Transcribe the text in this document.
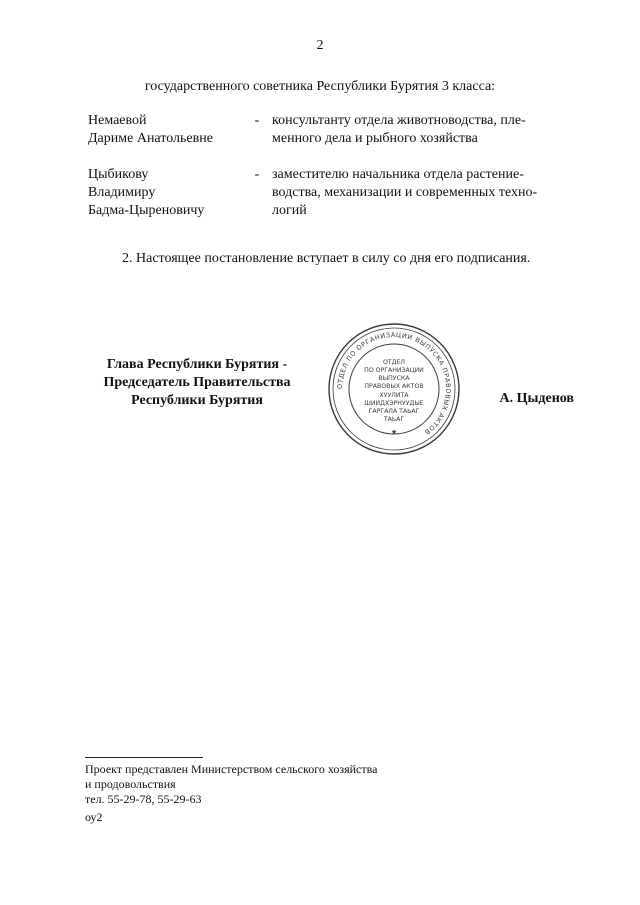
2
государственного советника Республики Бурятия 3 класса:
Немаевой
Дариме Анатольевне
- консультанту отдела животноводства, пле-
менного дела и рыбного хозяйства
Цыбикову
Владимиру
Бадма-Цыреновичу
- заместителю начальника отдела растение-
водства, механизации и современных техно-
логий
2. Настоящее постановление вступает в силу со дня его подписания.
Глава Республики Бурятия -
Председатель Правительства
Республики Бурятия
ОТДЕЛ ПО ОРГАНИЗАЦИИ ВЫПУСКА ПРАВОВЫХ АКТОВ
ОТДЕЛ
ПО ОРГАНИЗАЦИИ
ВЫПУСКА
ПРАВОВЫХ АКТОВ
ХУУЛИТА
ШИИДХЭРНУУДЫЕ
ГАРГАЛА ТАЬАГ
ТАЬАГ
★
А. Цыденов
Проект представлен Министерством сельского хозяйства
и продовольствия
тел. 55-29-78, 55-29-63
оу2
